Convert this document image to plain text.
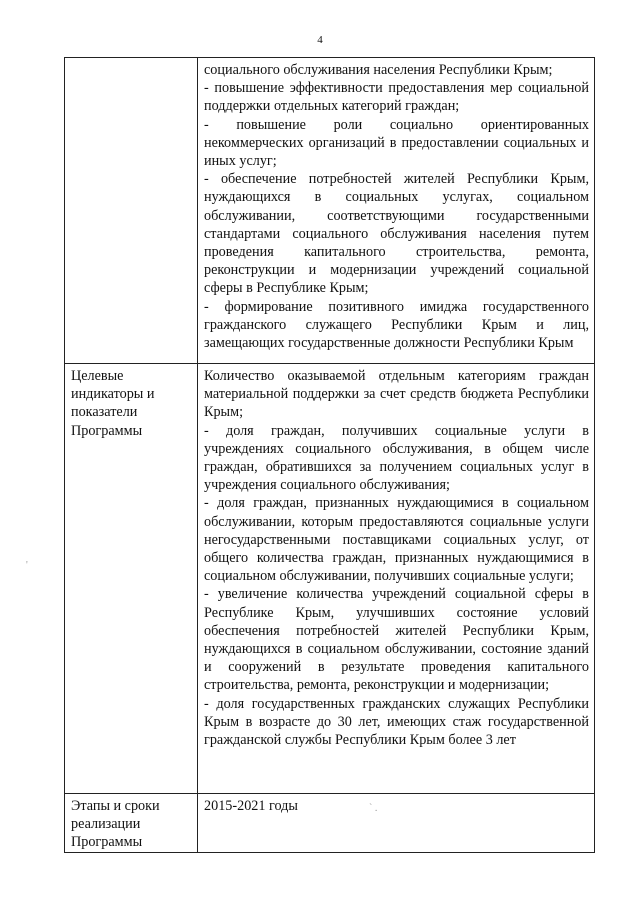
4

	социального обслуживания населения Республики Крым;

- повышение эффективности предоставления мер социальной поддержки отдельных категорий граждан;

- повышение роли социально ориентированных некоммерческих организаций в предоставлении социальных и иных услуг;

- обеспечение потребностей жителей Республики Крым, нуждающихся в социальных услугах, социальном обслуживании, соответствующими государственными стандартами социального обслуживания населения путем проведения капитального строительства, ремонта, реконструкции и модернизации учреждений социальной сферы в Республике Крым;

- формирование позитивного имиджа государственного гражданского служащего Республики Крым и лиц, замещающих государственные должности Республики Крым

Целевые индикаторы и показатели Программы	Количество оказываемой отдельным категориям граждан материальной поддержки за счет средств бюджета Республики Крым;

- доля граждан, получивших социальные услуги в учреждениях социального обслуживания, в общем числе граждан, обратившихся за получением социальных услуг в учреждения социального обслуживания;

- доля граждан, признанных нуждающимися в социальном обслуживании, которым предоставляются социальные услуги негосударственными поставщиками социальных услуг, от общего количества граждан, признанных нуждающимися в социальном обслуживании, получивших социальные услуги;

- увеличение количества учреждений социальной сферы в Республике Крым, улучшивших состояние условий обеспечения потребностей жителей Республики Крым, нуждающихся в социальном обслуживании, состояние зданий и сооружений в результате проведения капитального строительства, ремонта, реконструкции и модернизации;

- доля государственных гражданских служащих Республики Крым в возрасте до 30 лет, имеющих стаж государственной гражданской службы Республики Крым более 3 лет

Этапы и сроки реализации Программы	2015-2021 годы	` .
'
